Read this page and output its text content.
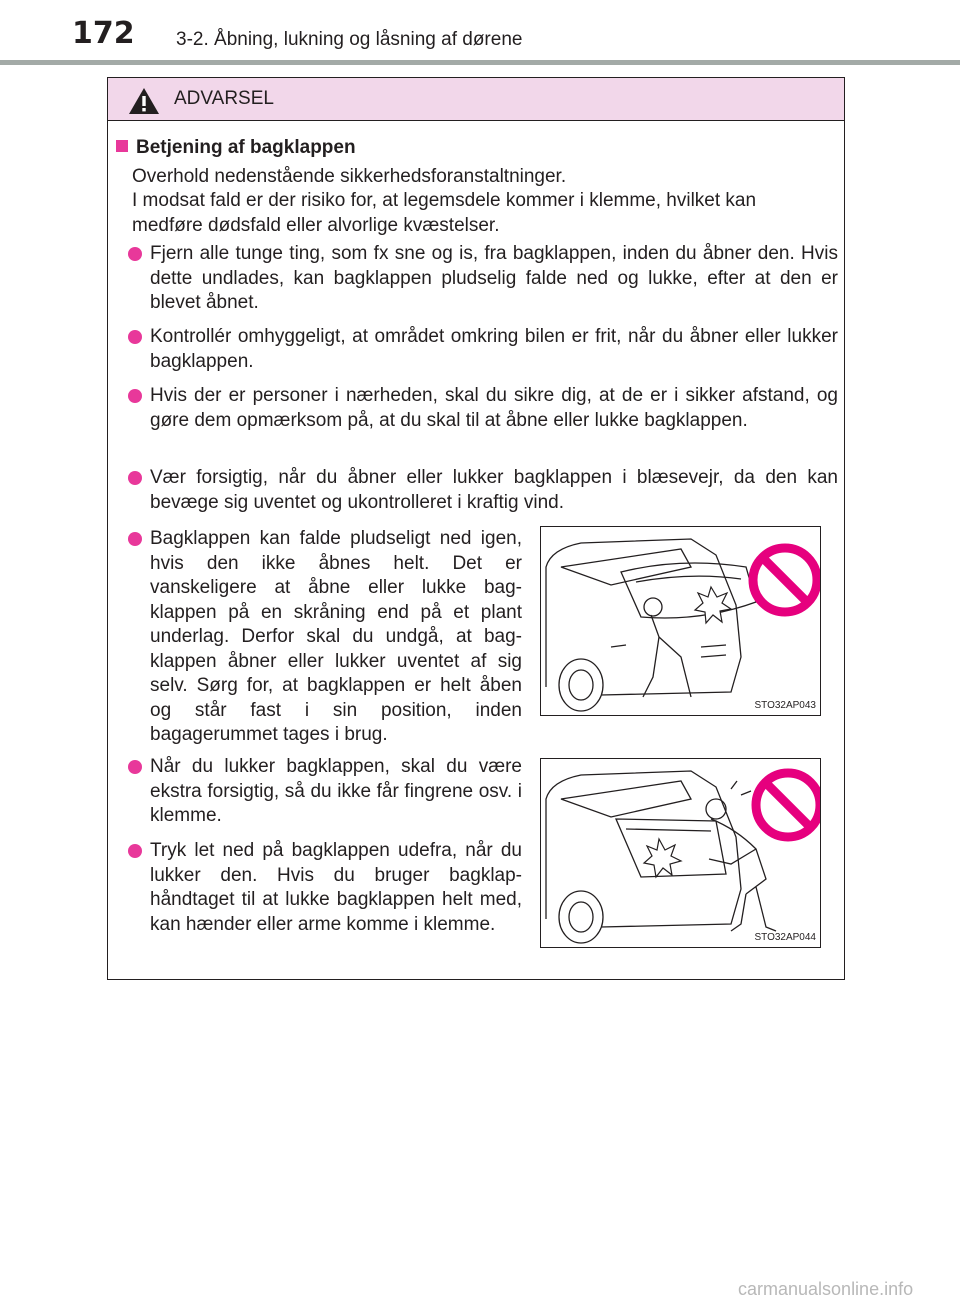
172 3-2. Åbning, lukning og låsning af dørene
ADVARSEL
Betjening af bagklappen
Overhold nedenstående sikkerhedsforanstaltninger.
I modsat fald er der risiko for, at legemsdele kommer i klemme, hvilket kan medføre dødsfald eller alvorlige kvæstelser.
Fjern alle tunge ting, som fx sne og is, fra bagklappen, inden du åbner den. Hvis dette undlades, kan bagklappen pludselig falde ned og lukke, efter at den er blevet åbnet.
Kontrollér omhyggeligt, at området omkring bilen er frit, når du åbner eller lukker bagklappen.
Hvis der er personer i nærheden, skal du sikre dig, at de er i sikker afstand, og gøre dem opmærksom på, at du skal til at åbne eller lukke bagklappen.
Vær forsigtig, når du åbner eller lukker bagklappen i blæsevejr, da den kan bevæge sig uventet og ukontrolleret i kraftig vind.
Bagklappen kan falde pludseligt ned igen, hvis den ikke åbnes helt. Det er vanskeligere at åbne eller lukke bag-klappen på en skråning end på et plant underlag. Derfor skal du undgå, at bag-klappen åbner eller lukker uventet af sig selv. Sørg for, at bagklappen er helt åben og står fast i sin position, inden bagagerummet tages i brug.
Når du lukker bagklappen, skal du være ekstra forsigtig, så du ikke får fingrene osv. i klemme.
Tryk let ned på bagklappen udefra, når du lukker den. Hvis du bruger bagklap-håndtaget til at lukke bagklappen helt med, kan hænder eller arme komme i klemme.
STO32AP043
STO32AP044
carmanualsonline.info
